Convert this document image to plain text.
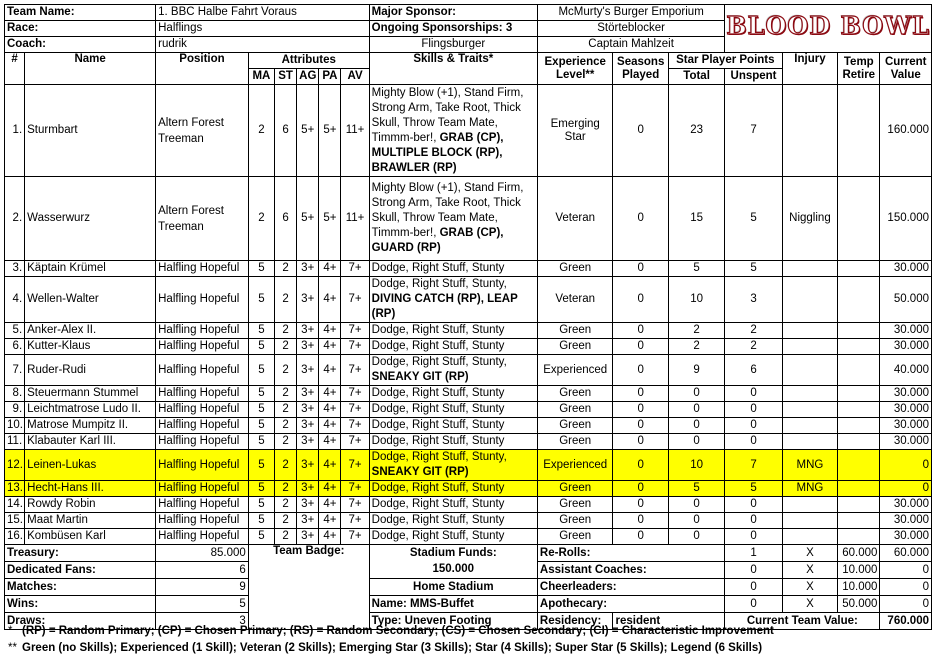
Team Name:		1. BBC Halbe Fahrt Voraus						Major Sponsor:	McMurty's Burger Emporium			BLOOD BOWL			
Race:		Halflings						Ongoing Sponsorships: 3	Störteblocker						
Coach:		rudrik						Flingsburger	Captain Mahlzeit						
#	Name	Position	Attributes					Skills & Traits*	Experience Level**	Seasons Played	Star Player Points		Injury	Temp Retire	Current Value
			MA	ST	AG	PA	AV				Total	Unspent			
1.	Sturmbart	Altern Forest Treeman	2	6	5+	5+	11+	Mighty Blow (+1), Stand Firm, Strong Arm, Take Root, Thick Skull, Throw Team Mate, Timmm-ber!, GRAB (CP), MULTIPLE BLOCK (RP), BRAWLER (RP)	Emerging Star	0	23	7			160.000
2.	Wasserwurz	Altern Forest Treeman	2	6	5+	5+	11+	Mighty Blow (+1), Stand Firm, Strong Arm, Take Root, Thick Skull, Throw Team Mate, Timmm-ber!, GRAB (CP), GUARD (RP)	Veteran	0	15	5	Niggling		150.000
3.	Käptain Krümel	Halfling Hopeful	5	2	3+	4+	7+	Dodge, Right Stuff, Stunty	Green	0	5	5			30.000
4.	Wellen-Walter	Halfling Hopeful	5	2	3+	4+	7+	Dodge, Right Stuff, Stunty, DIVING CATCH (RP), LEAP (RP)	Veteran	0	10	3			50.000
5.	Anker-Alex II.	Halfling Hopeful	5	2	3+	4+	7+	Dodge, Right Stuff, Stunty	Green	0	2	2			30.000
6.	Kutter-Klaus	Halfling Hopeful	5	2	3+	4+	7+	Dodge, Right Stuff, Stunty	Green	0	2	2			30.000
7.	Ruder-Rudi	Halfling Hopeful	5	2	3+	4+	7+	Dodge, Right Stuff, Stunty, SNEAKY GIT (RP)	Experienced	0	9	6			40.000
8.	Steuermann Stummel	Halfling Hopeful	5	2	3+	4+	7+	Dodge, Right Stuff, Stunty	Green	0	0	0			30.000
9.	Leichtmatrose Ludo II.	Halfling Hopeful	5	2	3+	4+	7+	Dodge, Right Stuff, Stunty	Green	0	0	0			30.000
10.	Matrose Mumpitz II.	Halfling Hopeful	5	2	3+	4+	7+	Dodge, Right Stuff, Stunty	Green	0	0	0			30.000
11.	Klabauter Karl III.	Halfling Hopeful	5	2	3+	4+	7+	Dodge, Right Stuff, Stunty	Green	0	0	0			30.000
12.	Leinen-Lukas	Halfling Hopeful	5	2	3+	4+	7+	Dodge, Right Stuff, Stunty, SNEAKY GIT (RP)	Experienced	0	10	7	MNG		0
13.	Hecht-Hans III.	Halfling Hopeful	5	2	3+	4+	7+	Dodge, Right Stuff, Stunty	Green	0	5	5	MNG		0
14.	Rowdy Robin	Halfling Hopeful	5	2	3+	4+	7+	Dodge, Right Stuff, Stunty	Green	0	0	0			30.000
15.	Maat Martin	Halfling Hopeful	5	2	3+	4+	7+	Dodge, Right Stuff, Stunty	Green	0	0	0			30.000
16.	Kombüsen Karl	Halfling Hopeful	5	2	3+	4+	7+	Dodge, Right Stuff, Stunty	Green	0	0	0			30.000
Treasury:		85.000	Team Badge:					Stadium Funds:	Re-Rolls:			1	X	60.000	60.000
Dedicated Fans:		6						150.000	Assistant Coaches:			0	X	10.000	0
Matches:		9						Home Stadium	Cheerleaders:			0	X	10.000	0
Wins:		5						Name: MMS-Buffet	Apothecary:			0	X	50.000	0
Draws:		3						Type: Uneven Footing	Residency:	resident		Current Team Value:			760.000
* (RP) = Random Primary; (CP) = Chosen Primary; (RS) = Random Secondary; (CS) = Chosen Secondary; (CI) = Characteristic Improvement
** Green (no Skills); Experienced (1 Skill); Veteran (2 Skills); Emerging Star (3 Skills); Star (4 Skills); Super Star (5 Skills); Legend (6 Skills)
